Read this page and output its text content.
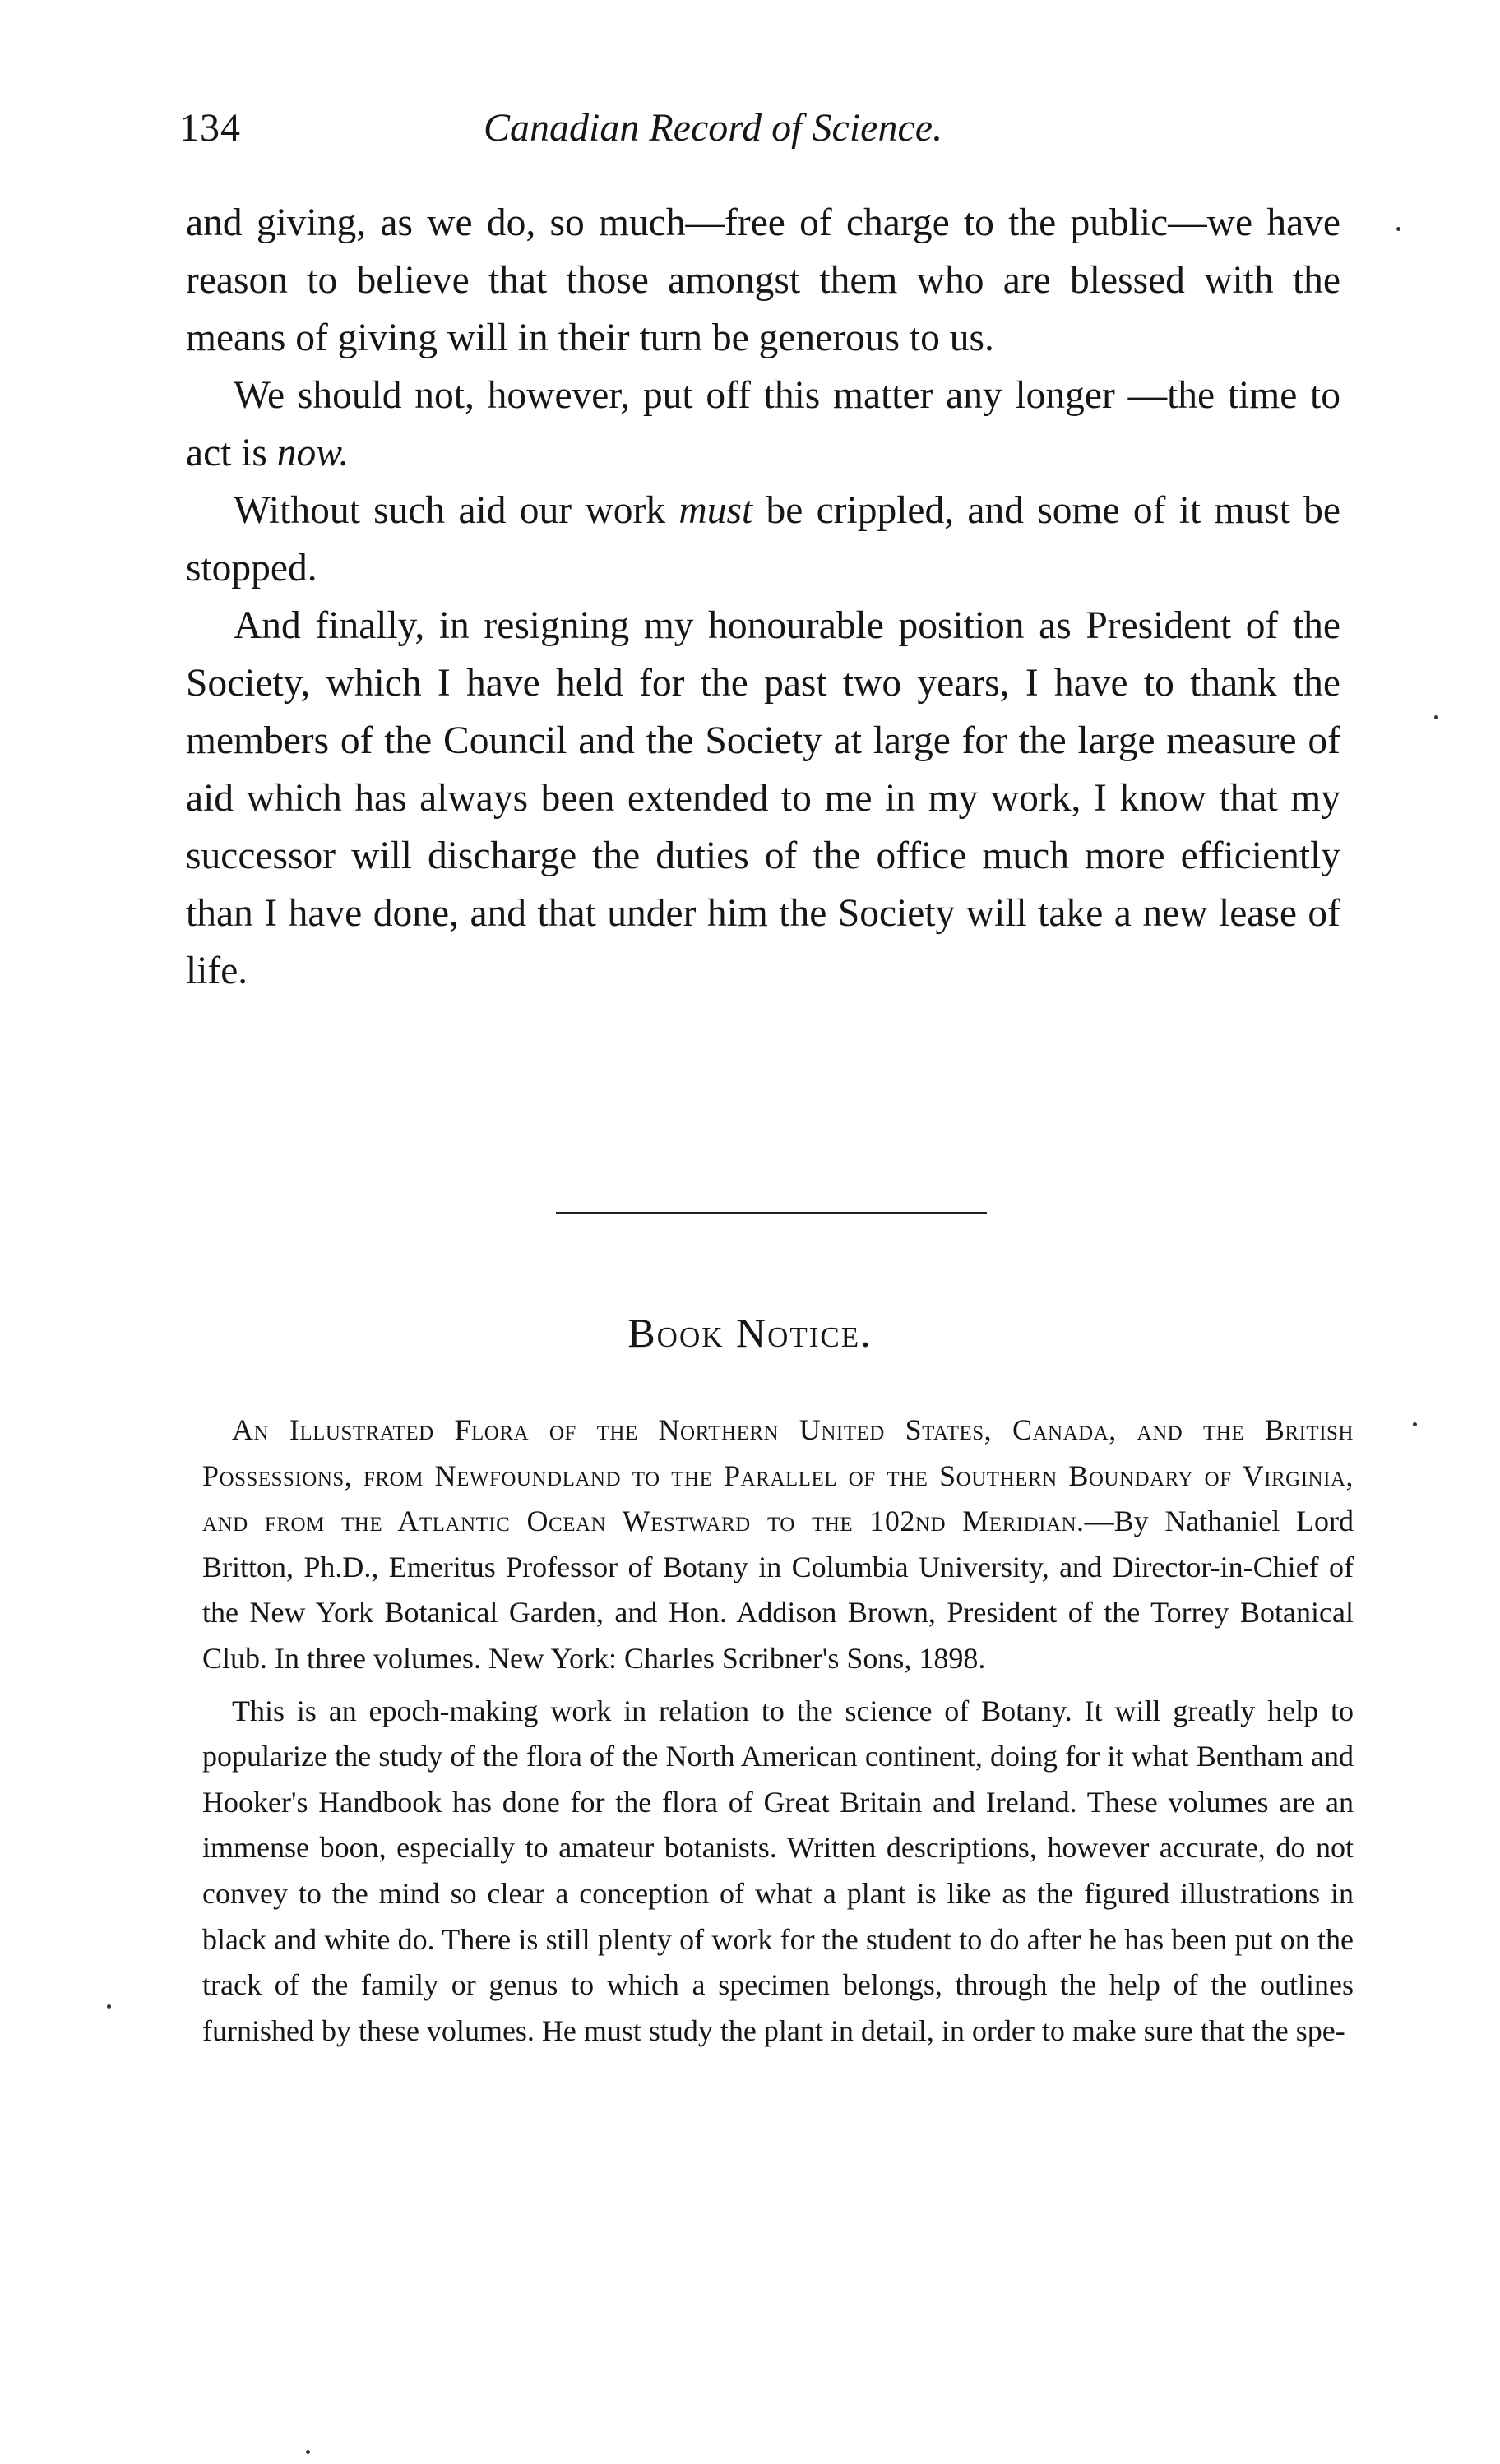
134	Canadian Record of Science.

and giving, as we do, so much—free of charge to the public—we have reason to believe that those amongst them who are blessed with the means of giving will in their turn be generous to us.

We should not, however, put off this matter any longer —the time to act is now.

Without such aid our work must be crippled, and some of it must be stopped.

And finally, in resigning my honourable position as President of the Society, which I have held for the past two years, I have to thank the members of the Council and the Society at large for the large measure of aid which has always been extended to me in my work, I know that my successor will discharge the duties of the office much more efficiently than I have done, and that under him the Society will take a new lease of life.

Book Notice.

An Illustrated Flora of the Northern United States, Canada, and the British Possessions, from Newfoundland to the Parallel of the Southern Boundary of Virginia, and from the Atlantic Ocean Westward to the 102nd Meridian.—By Nathaniel Lord Britton, Ph.D., Emeritus Professor of Botany in Columbia University, and Director-in-Chief of the New York Botanical Garden, and Hon. Addison Brown, President of the Torrey Botanical Club. In three volumes. New York: Charles Scribner's Sons, 1898.

This is an epoch-making work in relation to the science of Botany. It will greatly help to popularize the study of the flora of the North American continent, doing for it what Bentham and Hooker's Handbook has done for the flora of Great Britain and Ireland. These volumes are an immense boon, especially to amateur botanists. Written descriptions, however accurate, do not convey to the mind so clear a conception of what a plant is like as the figured illustrations in black and white do. There is still plenty of work for the student to do after he has been put on the track of the family or genus to which a specimen belongs, through the help of the outlines furnished by these volumes. He must study the plant in detail, in order to make sure that the spe-
